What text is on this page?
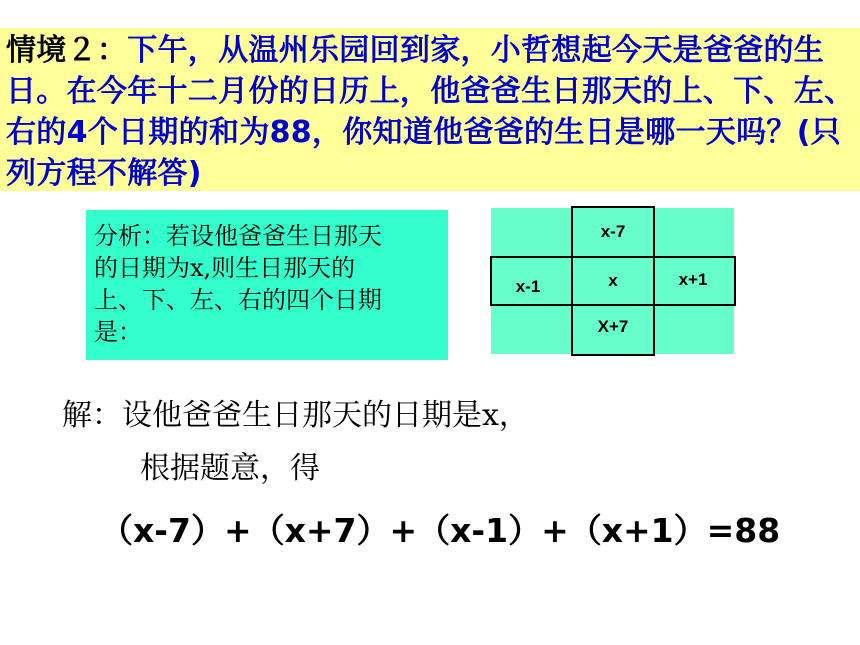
情境２：下午，从温州乐园回到家，小哲想起今天是爸爸的生日。在今年十二月份的日历上，他爸爸生日那天的上、下、左、右的4个日期的和为88，你知道他爸爸的生日是哪一天吗？(只列方程不解答)
分析：若设他爸爸生日那天的日期为x,则生日那天的上、下、左、右的四个日期是：
x-7
x-1	x	x+1
X+7
解：设他爸爸生日那天的日期是x，
根据题意，得
（x-7）+（x+7）+（x-1）+（x+1）=88
